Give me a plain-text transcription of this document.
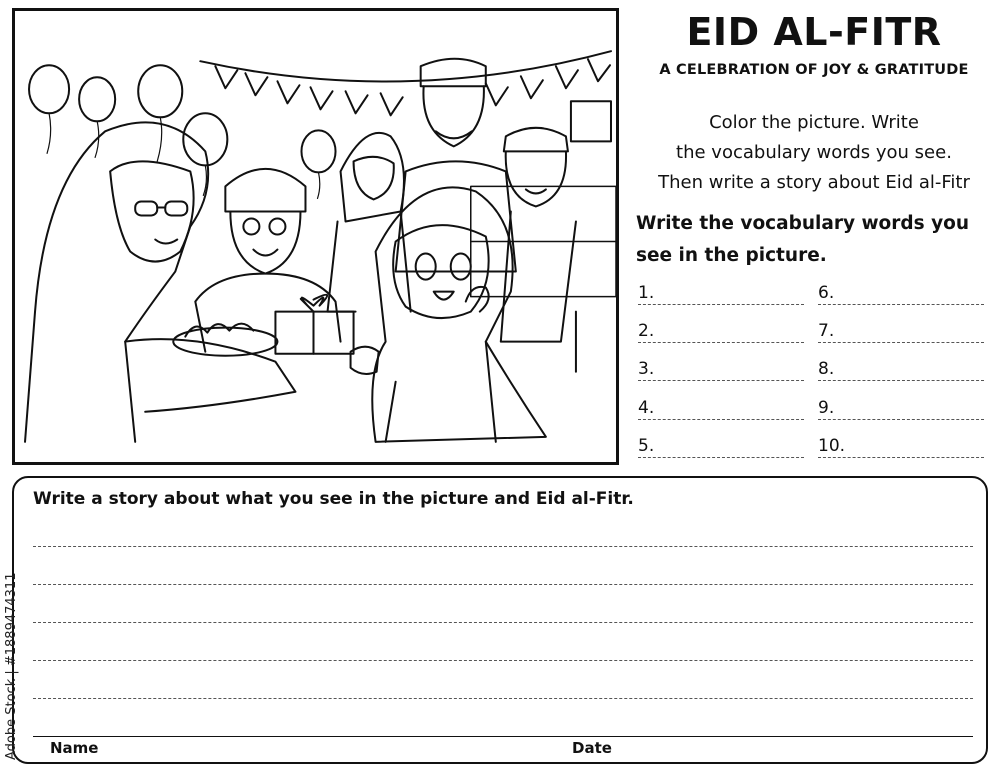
EID AL-FITR
A CELEBRATION OF JOY & GRATITUDE
Color the picture. Write
the vocabulary words you see.
Then write a story about Eid al-Fitr
Write the vocabulary words you see in the picture.
1.
2.
3.
4.
5.
6.
7.
8.
9.
10.
Write a story about what you see in the picture and Eid al-Fitr.
Name	Date
Adobe Stock | #1889474311
